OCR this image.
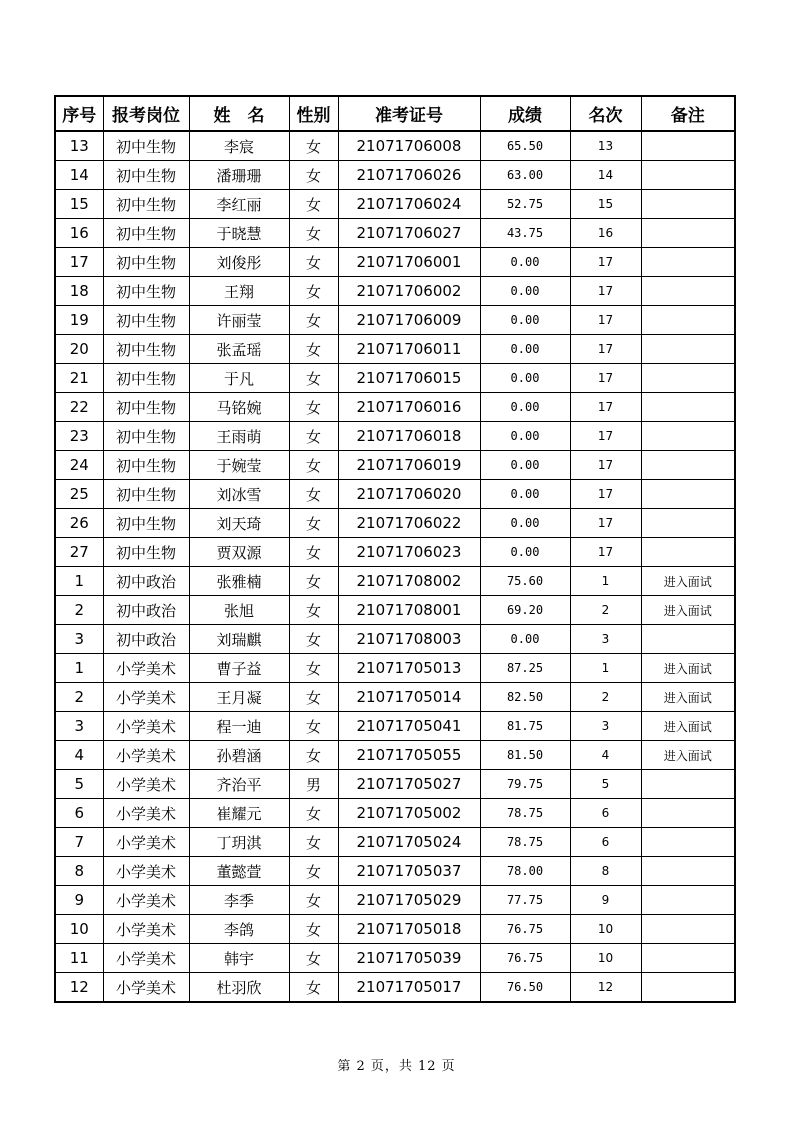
序号	报考岗位	姓　名	性别	准考证号	成绩	名次	备注
13	初中生物	李宸	女	21071706008	65.50	13	
14	初中生物	潘珊珊	女	21071706026	63.00	14	
15	初中生物	李红丽	女	21071706024	52.75	15	
16	初中生物	于晓慧	女	21071706027	43.75	16	
17	初中生物	刘俊彤	女	21071706001	0.00	17	
18	初中生物	王翔	女	21071706002	0.00	17	
19	初中生物	许丽莹	女	21071706009	0.00	17	
20	初中生物	张孟瑶	女	21071706011	0.00	17	
21	初中生物	于凡	女	21071706015	0.00	17	
22	初中生物	马铭婉	女	21071706016	0.00	17	
23	初中生物	王雨萌	女	21071706018	0.00	17	
24	初中生物	于婉莹	女	21071706019	0.00	17	
25	初中生物	刘冰雪	女	21071706020	0.00	17	
26	初中生物	刘天琦	女	21071706022	0.00	17	
27	初中生物	贾双源	女	21071706023	0.00	17	
1	初中政治	张雅楠	女	21071708002	75.60	1	进入面试
2	初中政治	张旭	女	21071708001	69.20	2	进入面试
3	初中政治	刘瑞麒	女	21071708003	0.00	3	
1	小学美术	曹子益	女	21071705013	87.25	1	进入面试
2	小学美术	王月凝	女	21071705014	82.50	2	进入面试
3	小学美术	程一迪	女	21071705041	81.75	3	进入面试
4	小学美术	孙碧涵	女	21071705055	81.50	4	进入面试
5	小学美术	齐治平	男	21071705027	79.75	5	
6	小学美术	崔耀元	女	21071705002	78.75	6	
7	小学美术	丁玥淇	女	21071705024	78.75	6	
8	小学美术	董懿萱	女	21071705037	78.00	8	
9	小学美术	李季	女	21071705029	77.75	9	
10	小学美术	李鸽	女	21071705018	76.75	10	
11	小学美术	韩宇	女	21071705039	76.75	10	
12	小学美术	杜羽欣	女	21071705017	76.50	12	
第 2 页，共 12 页
